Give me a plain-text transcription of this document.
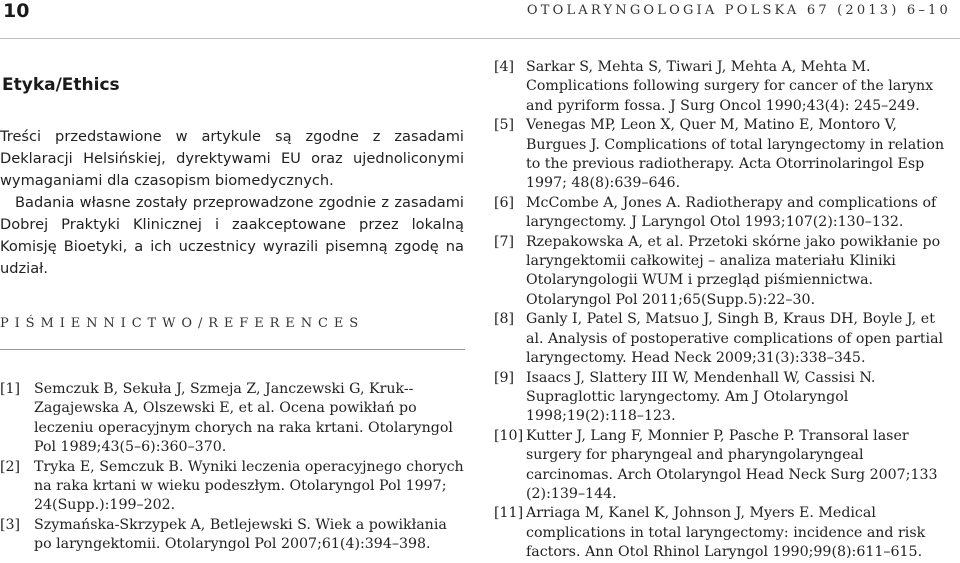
10	OTOLARYNGOLOGIA POLSKA 67 (2013) 6–10
Etyka/Ethics

Treści przedstawione w artykule są zgodne z zasadami Deklaracji Helsińskiej, dyrektywami EU oraz ujednoliconymi wymaganiami dla czasopism biomedycznych.

Badania własne zostały przeprowadzone zgodnie z zasadami Dobrej Praktyki Klinicznej i zaakceptowane przez lokalną Komisję Bioetyki, a ich uczestnicy wyrazili pisemną zgodę na udział.

PIŚMIENNICTWO/REFERENCES
[1] Semczuk B, Sekuła J, Szmeja Z, Janczewski G, Kruk--Zagajewska A, Olszewski E, et al. Ocena powikłań po leczeniu operacyjnym chorych na raka krtani. Otolaryngol Pol 1989;43(5–6):360–370.
[2] Tryka E, Semczuk B. Wyniki leczenia operacyjnego chorych na raka krtani w wieku podeszłym. Otolaryngol Pol 1997; 24(Supp.):199–202.
[3] Szymańska-Skrzypek A, Betlejewski S. Wiek a powikłania po laryngektomii. Otolaryngol Pol 2007;61(4):394–398.
[4] Sarkar S, Mehta S, Tiwari J, Mehta A, Mehta M. Complications following surgery for cancer of the larynx and pyriform fossa. J Surg Oncol 1990;43(4): 245–249.
[5] Venegas MP, Leon X, Quer M, Matino E, Montoro V, Burgues J. Complications of total laryngectomy in relation to the previous radiotherapy. Acta Otorrinolaringol Esp 1997; 48(8):639–646.
[6] McCombe A, Jones A. Radiotherapy and complications of laryngectomy. J Laryngol Otol 1993;107(2):130–132.
[7] Rzepakowska A, et al. Przetoki skórne jako powikłanie po laryngektomii całkowitej – analiza materiału Kliniki Otolaryngologii WUM i przegląd piśmiennictwa. Otolaryngol Pol 2011;65(Supp.5):22–30.
[8] Ganly I, Patel S, Matsuo J, Singh B, Kraus DH, Boyle J, et al. Analysis of postoperative complications of open partial laryngectomy. Head Neck 2009;31(3):338–345.
[9] Isaacs J, Slattery III W, Mendenhall W, Cassisi N. Supraglottic laryngectomy. Am J Otolaryngol 1998;19(2):118–123.
[10] Kutter J, Lang F, Monnier P, Pasche P. Transoral laser surgery for pharyngeal and pharyngolaryngeal carcinomas. Arch Otolaryngol Head Neck Surg 2007;133 (2):139–144.
[11] Arriaga M, Kanel K, Johnson J, Myers E. Medical complications in total laryngectomy: incidence and risk factors. Ann Otol Rhinol Laryngol 1990;99(8):611–615.
